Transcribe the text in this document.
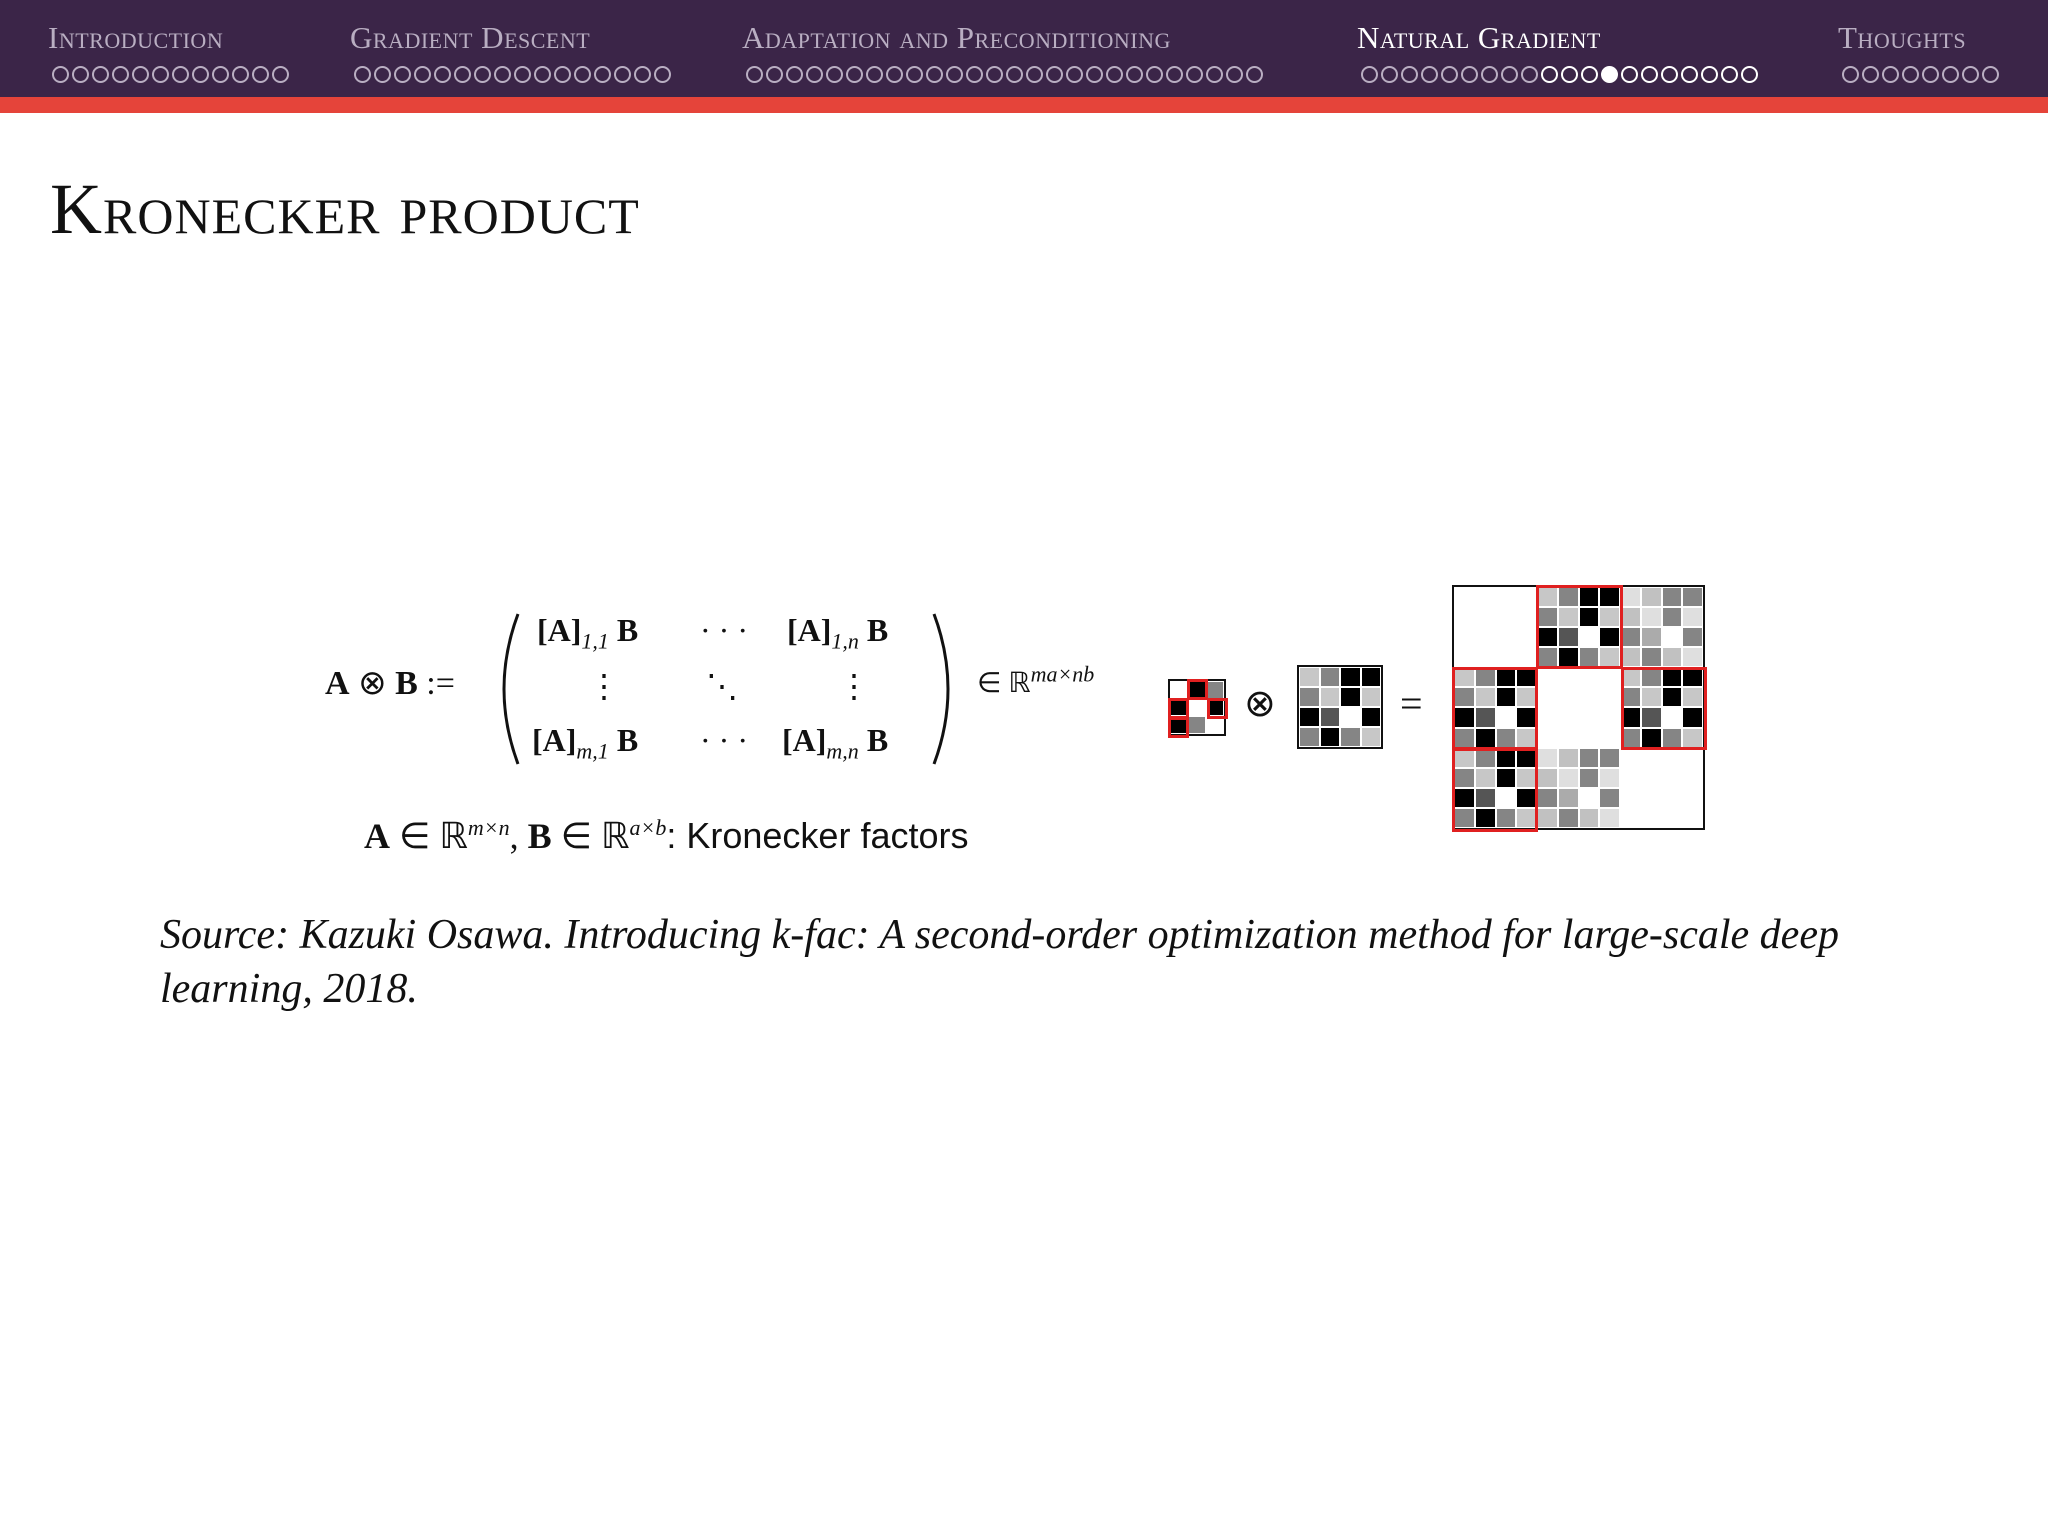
Kronecker product
A ⊗ B :=
$[A]_{1,1}$ B · · · $[A]_{1,n}$ B
⋮	⋱	⋮
$[A]_{m,1}$ B · · · $[A]_{m,n}$ B
∈ ℝ$^{ma\times nb}$
A ∈ ℝ$^{m\times n}$, B ∈ ℝ$^{a\times b}$: Kronecker factors
⊗	=
Source: Kazuki Osawa. Introducing k-fac: A second-order optimization method for large-scale deep learning, 2018.
Introduction	Gradient Descent	Adaptation and Preconditioning	Natural Gradient	Thoughts
